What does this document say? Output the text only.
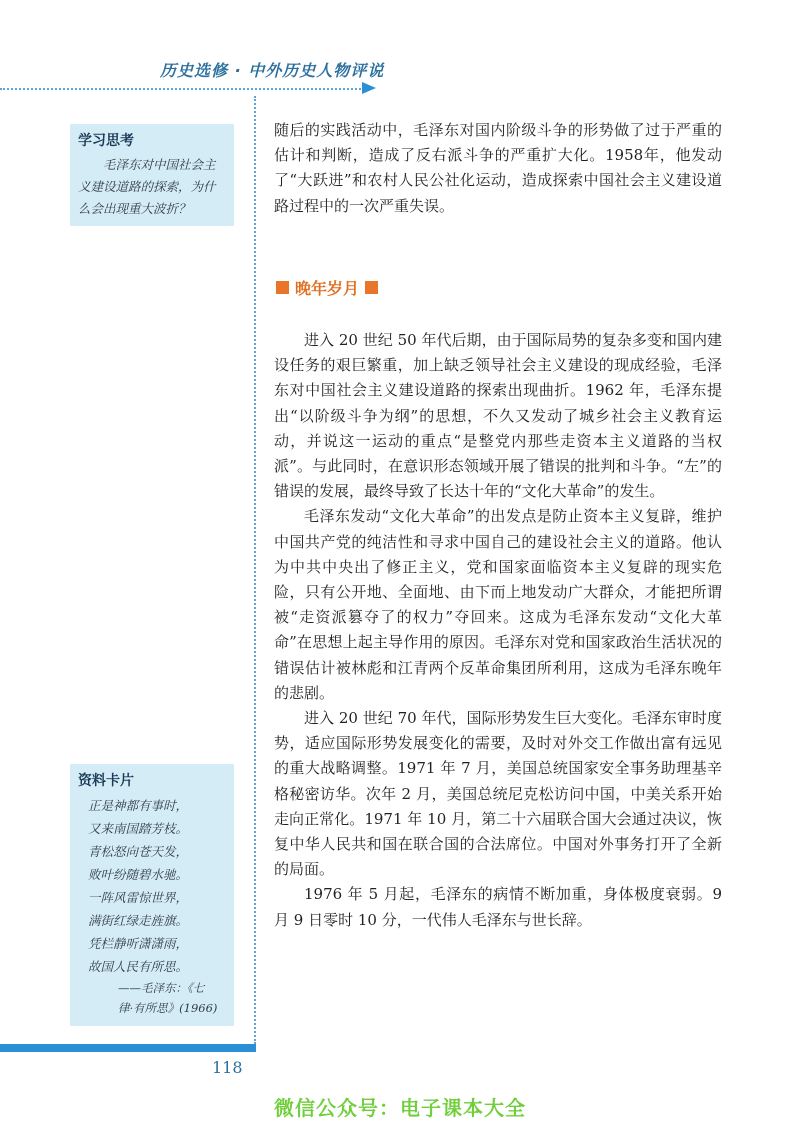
历史选修 · 中外历史人物评说
学习思考
毛泽东对中国社会主义建设道路的探索，为什么会出现重大波折？
资料卡片
正是神都有事时，
又来南国踏芳枝。
青松怒向苍天发，
败叶纷随碧水驰。
一阵风雷惊世界，
满街红绿走旌旗。
凭栏静听潇潇雨，
故国人民有所思。
——毛泽东：《七
律·有所思》(1966)

随后的实践活动中，毛泽东对国内阶级斗争的形势做了过于严重的估计和判断，造成了反右派斗争的严重扩大化。1958年，他发动了“大跃进”和农村人民公社化运动，造成探索中国社会主义建设道路过程中的一次严重失误。

晚年岁月

进入 20 世纪 50 年代后期，由于国际局势的复杂多变和国内建设任务的艰巨繁重，加上缺乏领导社会主义建设的现成经验，毛泽东对中国社会主义建设道路的探索出现曲折。1962 年，毛泽东提出“以阶级斗争为纲”的思想，不久又发动了城乡社会主义教育运动，并说这一运动的重点“是整党内那些走资本主义道路的当权派”。与此同时，在意识形态领域开展了错误的批判和斗争。“左”的错误的发展，最终导致了长达十年的“文化大革命”的发生。

毛泽东发动“文化大革命”的出发点是防止资本主义复辟，维护中国共产党的纯洁性和寻求中国自己的建设社会主义的道路。他认为中共中央出了修正主义，党和国家面临资本主义复辟的现实危险，只有公开地、全面地、由下而上地发动广大群众，才能把所谓被“走资派篡夺了的权力”夺回来。这成为毛泽东发动“文化大革命”在思想上起主导作用的原因。毛泽东对党和国家政治生活状况的错误估计被林彪和江青两个反革命集团所利用，这成为毛泽东晚年的悲剧。

进入 20 世纪 70 年代，国际形势发生巨大变化。毛泽东审时度势，适应国际形势发展变化的需要，及时对外交工作做出富有远见的重大战略调整。1971 年 7 月，美国总统国家安全事务助理基辛格秘密访华。次年 2 月，美国总统尼克松访问中国，中美关系开始走向正常化。1971 年 10 月，第二十六届联合国大会通过决议，恢复中华人民共和国在联合国的合法席位。中国对外事务打开了全新的局面。

1976 年 5 月起，毛泽东的病情不断加重，身体极度衰弱。9 月 9 日零时 10 分，一代伟人毛泽东与世长辞。

118
微信公众号：电子课本大全
